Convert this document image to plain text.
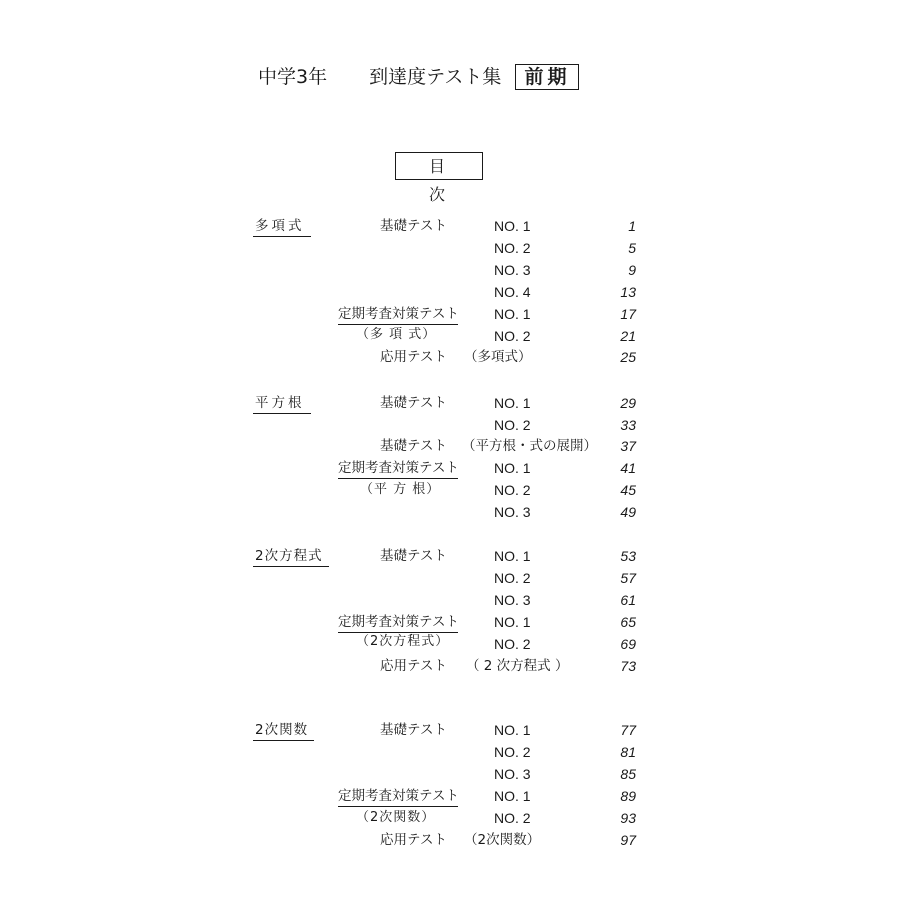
中学3年 到達度テスト集 前期
目 次
多項式	基礎テスト	NO. 1	1
NO. 2	5
NO. 3	9
NO. 4	13
定期考査対策テスト	NO. 1	17
（多 項 式）	NO. 2	21
応用テスト （多項式）	25
平方根	基礎テスト	NO. 1	29
NO. 2	33
基礎テスト （平方根・式の展開）	37
定期考査対策テスト	NO. 1	41
（平 方 根）	NO. 2	45
NO. 3	49
2次方程式	基礎テスト	NO. 1	53
NO. 2	57
NO. 3	61
定期考査対策テスト	NO. 1	65
（2次方程式）	NO. 2	69
応用テスト （ 2 次方程式 ）	73
2次関数	基礎テスト	NO. 1	77
NO. 2	81
NO. 3	85
定期考査対策テスト	NO. 1	89
（2次関数）	NO. 2	93
応用テスト （2次関数）	97
